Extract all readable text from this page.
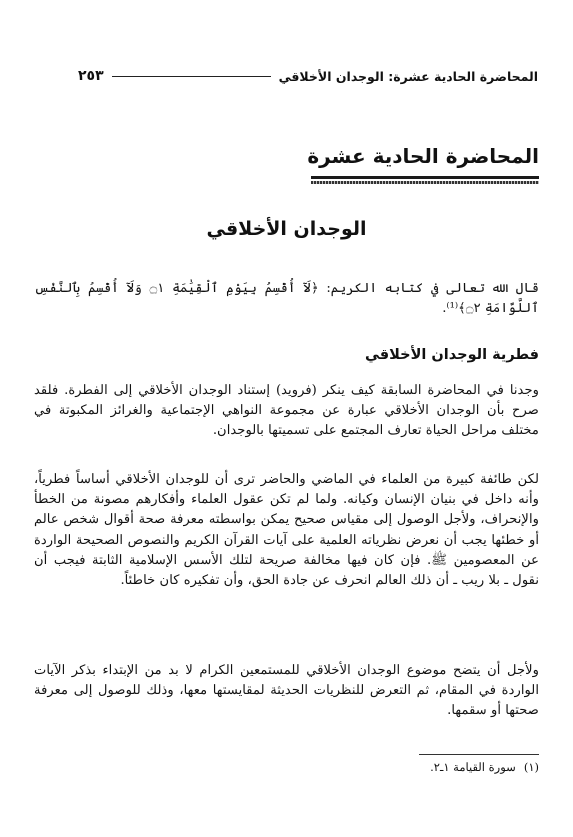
المحاضرة الحادية عشرة: الوجدان الأخلاقي
٢٥٣
المحاضرة الحادية عشرة
الوجدان الأخلاقي
قال الله تعالى في كتابه الكريم: ﴿لَآ أُقْسِمُ بِيَوْمِ ٱلْقِيَٰمَةِ ۝١ وَلَآ أُقْسِمُ بِٱلنَّفْسِ ٱللَّوَّامَةِ ۝٢﴾⁽¹⁾.
فطرية الوجدان الأخلاقي
وجدنا في المحاضرة السابقة كيف ينكر (فرويد) إستناد الوجدان الأخلاقي إلى الفطرة. فلقد صرح بأن الوجدان الأخلاقي عبارة عن مجموعة النواهي الإجتماعية والغرائز المكبوتة في مختلف مراحل الحياة تعارف المجتمع على تسميتها بالوجدان.
لكن طائفة كبيرة من العلماء في الماضي والحاضر ترى أن للوجدان الأخلاقي أساساً فطرياً، وأنه داخل في بنيان الإنسان وكيانه. ولما لم تكن عقول العلماء وأفكارهم مصونة من الخطأ والإنحراف، ولأجل الوصول إلى مقياس صحيح يمكن بواسطته معرفة صحة أقوال شخص عالم أو خطئها يجب أن نعرض نظرياته العلمية على آيات القرآن الكريم والنصوص الصحيحة الواردة عن المعصومين ﷺ. فإن كان فيها مخالفة صريحة لتلك الأسس الإسلامية الثابتة فيجب أن نقول ـ بلا ريب ـ أن ذلك العالم انحرف عن جادة الحق، وأن تفكيره كان خاطئاً.
ولأجل أن يتضح موضوع الوجدان الأخلاقي للمستمعين الكرام لا بد من الإبتداء بذكر الآيات الواردة في المقام، ثم التعرض للنظريات الحديثة لمقايستها معها، وذلك للوصول إلى معرفة صحتها أو سقمها.
(١)
سورة القيامة ١ـ٢.
